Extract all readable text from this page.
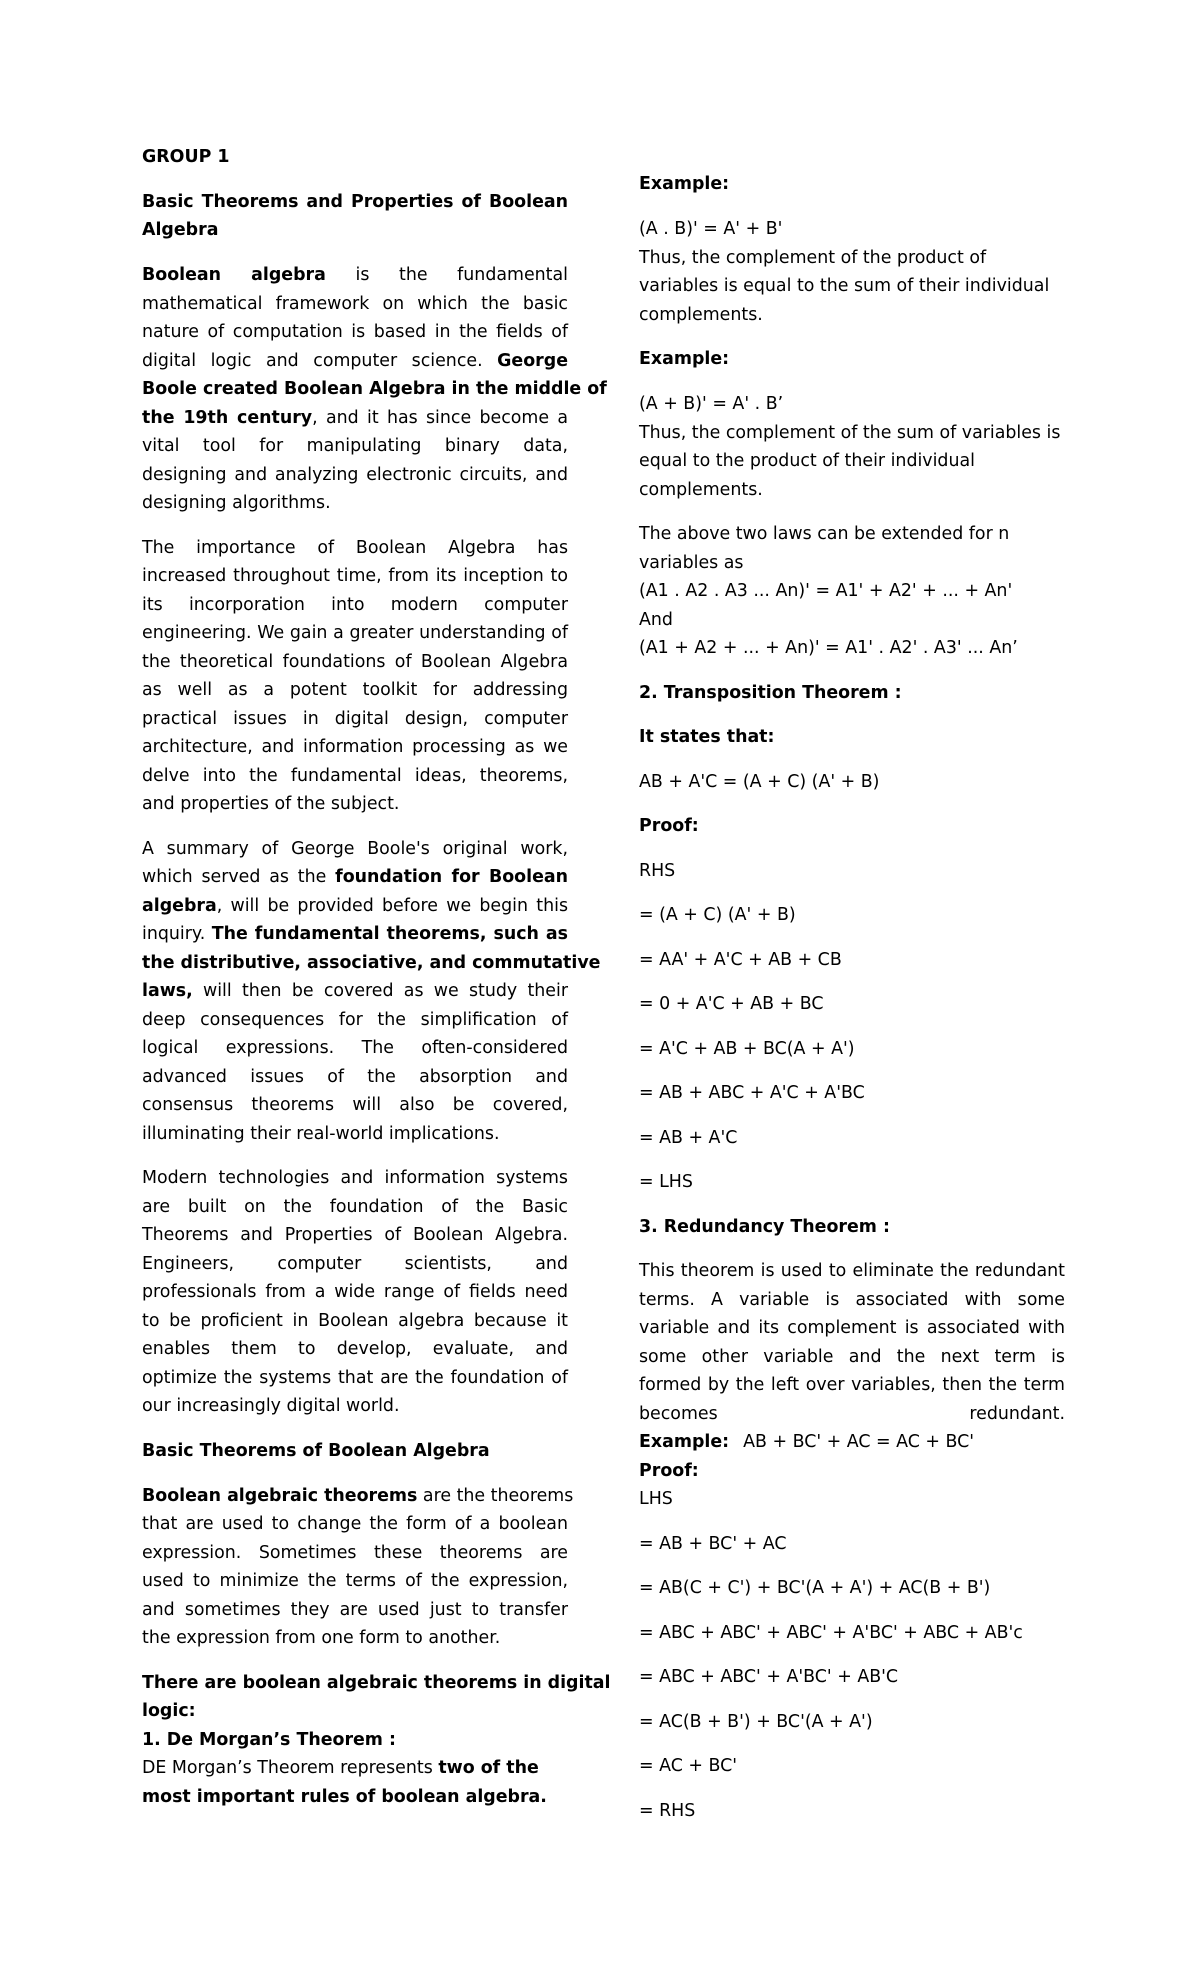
GROUP 1

Basic Theorems and Properties of Boolean

Algebra

Boolean algebra is the fundamental

mathematical framework on which the basic

nature of computation is based in the fields of

digital logic and computer science. George

Boole created Boolean Algebra in the middle of

the 19th century, and it has since become a

vital tool for manipulating binary data,

designing and analyzing electronic circuits, and

designing algorithms.

The importance of Boolean Algebra has

increased throughout time, from its inception to

its incorporation into modern computer

engineering. We gain a greater understanding of

the theoretical foundations of Boolean Algebra

as well as a potent toolkit for addressing

practical issues in digital design, computer

architecture, and information processing as we

delve into the fundamental ideas, theorems,

and properties of the subject.

A summary of George Boole's original work,

which served as the foundation for Boolean

algebra, will be provided before we begin this

inquiry. The fundamental theorems, such as

the distributive, associative, and commutative

laws, will then be covered as we study their

deep consequences for the simplification of

logical expressions. The often-considered

advanced issues of the absorption and

consensus theorems will also be covered,

illuminating their real-world implications.

Modern technologies and information systems

are built on the foundation of the Basic

Theorems and Properties of Boolean Algebra.

Engineers, computer scientists, and

professionals from a wide range of fields need

to be proficient in Boolean algebra because it

enables them to develop, evaluate, and

optimize the systems that are the foundation of

our increasingly digital world.

Basic Theorems of Boolean Algebra

Boolean algebraic theorems are the theorems

that are used to change the form of a boolean

expression. Sometimes these theorems are

used to minimize the terms of the expression,

and sometimes they are used just to transfer

the expression from one form to another.

There are boolean algebraic theorems in digital

logic:

1. De Morgan’s Theorem :

DE Morgan’s Theorem represents two of the

most important rules of boolean algebra.

Example:

(A . B)' = A' + B'

Thus, the complement of the product of

variables is equal to the sum of their individual

complements.

Example:

(A + B)' = A' . B’

Thus, the complement of the sum of variables is

equal to the product of their individual

complements.

The above two laws can be extended for n

variables as

(A1 . A2 . A3 ... An)' = A1' + A2' + ... + An'

And

(A1 + A2 + ... + An)' = A1' . A2' . A3' ... An’

2. Transposition Theorem :

It states that:

AB + A'C = (A + C) (A' + B)

Proof:

RHS

= (A + C) (A' + B)

= AA' + A'C + AB + CB

= 0 + A'C + AB + BC

= A'C + AB + BC(A + A')

= AB + ABC + A'C + A'BC

= AB + A'C

= LHS

3. Redundancy Theorem :

This theorem is used to eliminate the redundant

terms. A variable is associated with some

variable and its complement is associated with

some other variable and the next term is

formed by the left over variables, then the term

becomes redundant.

Example: AB + BC' + AC = AC + BC'

Proof:

LHS

= AB + BC' + AC

= AB(C + C') + BC'(A + A') + AC(B + B')

= ABC + ABC' + ABC' + A'BC' + ABC + AB'c

= ABC + ABC' + A'BC' + AB'C

= AC(B + B') + BC'(A + A')

= AC + BC'

= RHS
